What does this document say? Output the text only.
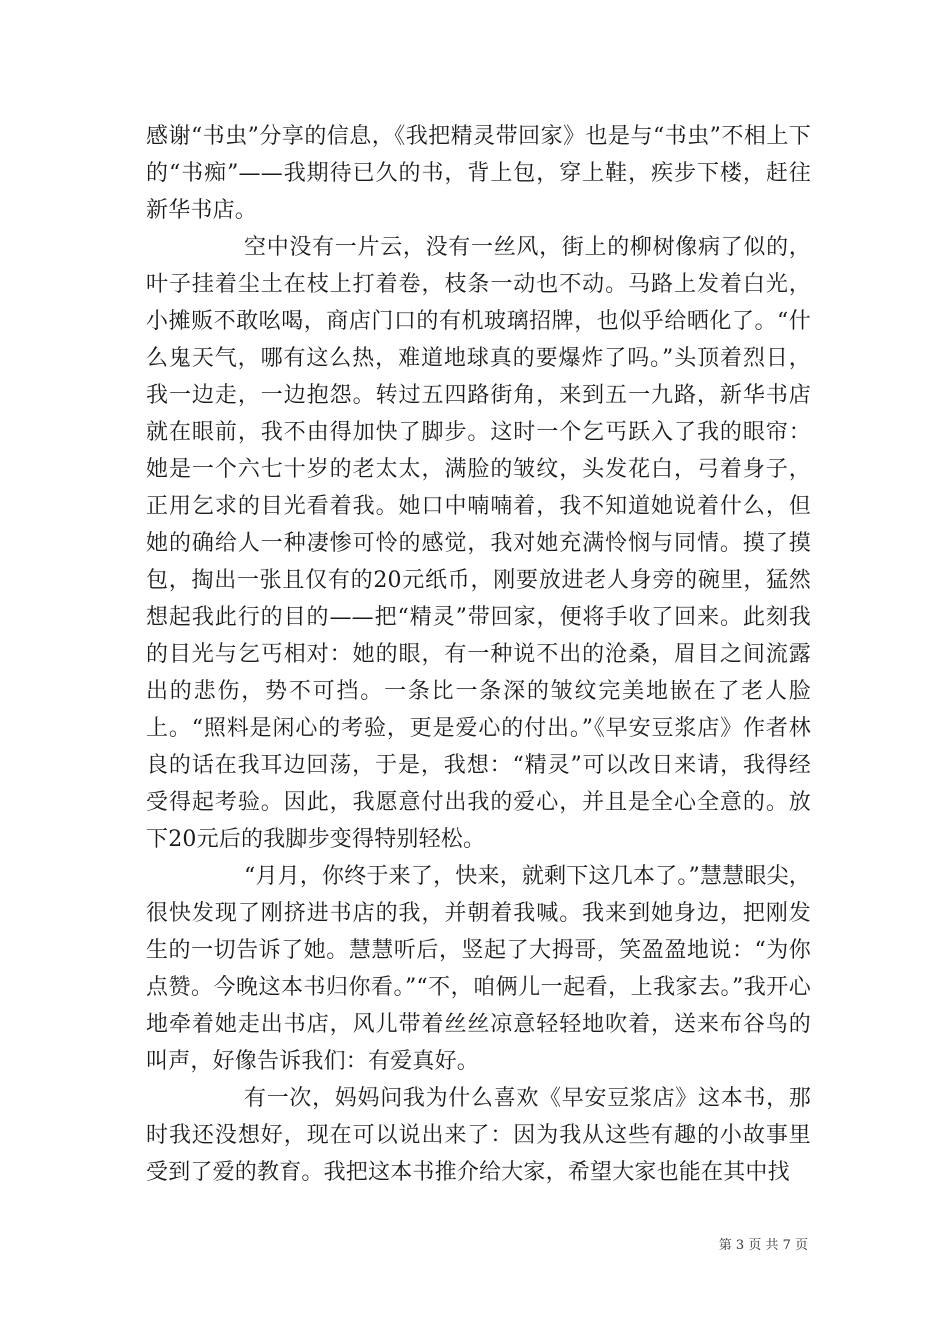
感谢“书虫”分享的信息，《我把精灵带回家》也是与“书虫”不相上下的“书痴”——我期待已久的书，背上包，穿上鞋，疾步下楼，赶往新华书店。

空中没有一片云，没有一丝风，街上的柳树像病了似的，叶子挂着尘土在枝上打着卷，枝条一动也不动。马路上发着白光，小摊贩不敢吆喝，商店门口的有机玻璃招牌，也似乎给晒化了。“什么鬼天气，哪有这么热，难道地球真的要爆炸了吗。”头顶着烈日，我一边走，一边抱怨。转过五四路街角，来到五一九路，新华书店就在眼前，我不由得加快了脚步。这时一个乞丐跃入了我的眼帘：她是一个六七十岁的老太太，满脸的皱纹，头发花白，弓着身子，正用乞求的目光看着我。她口中喃喃着，我不知道她说着什么，但她的确给人一种凄惨可怜的感觉，我对她充满怜悯与同情。摸了摸包，掏出一张且仅有的20元纸币，刚要放进老人身旁的碗里，猛然想起我此行的目的——把“精灵”带回家，便将手收了回来。此刻我的目光与乞丐相对：她的眼，有一种说不出的沧桑，眉目之间流露出的悲伤，势不可挡。一条比一条深的皱纹完美地嵌在了老人脸上。“照料是闲心的考验，更是爱心的付出。”《早安豆浆店》作者林良的话在我耳边回荡，于是，我想：“精灵”可以改日来请，我得经受得起考验。因此，我愿意付出我的爱心，并且是全心全意的。放下20元后的我脚步变得特别轻松。

“月月，你终于来了，快来，就剩下这几本了。”慧慧眼尖，很快发现了刚挤进书店的我，并朝着我喊。我来到她身边，把刚发生的一切告诉了她。慧慧听后，竖起了大拇哥，笑盈盈地说：“为你点赞。今晚这本书归你看。”“不，咱俩儿一起看，上我家去。”我开心地牵着她走出书店，风儿带着丝丝凉意轻轻地吹着，送来布谷鸟的叫声，好像告诉我们：有爱真好。

有一次，妈妈问我为什么喜欢《早安豆浆店》这本书，那时我还没想好，现在可以说出来了：因为我从这些有趣的小故事里受到了爱的教育。我把这本书推介给大家，希望大家也能在其中找

第 3 页 共 7 页
